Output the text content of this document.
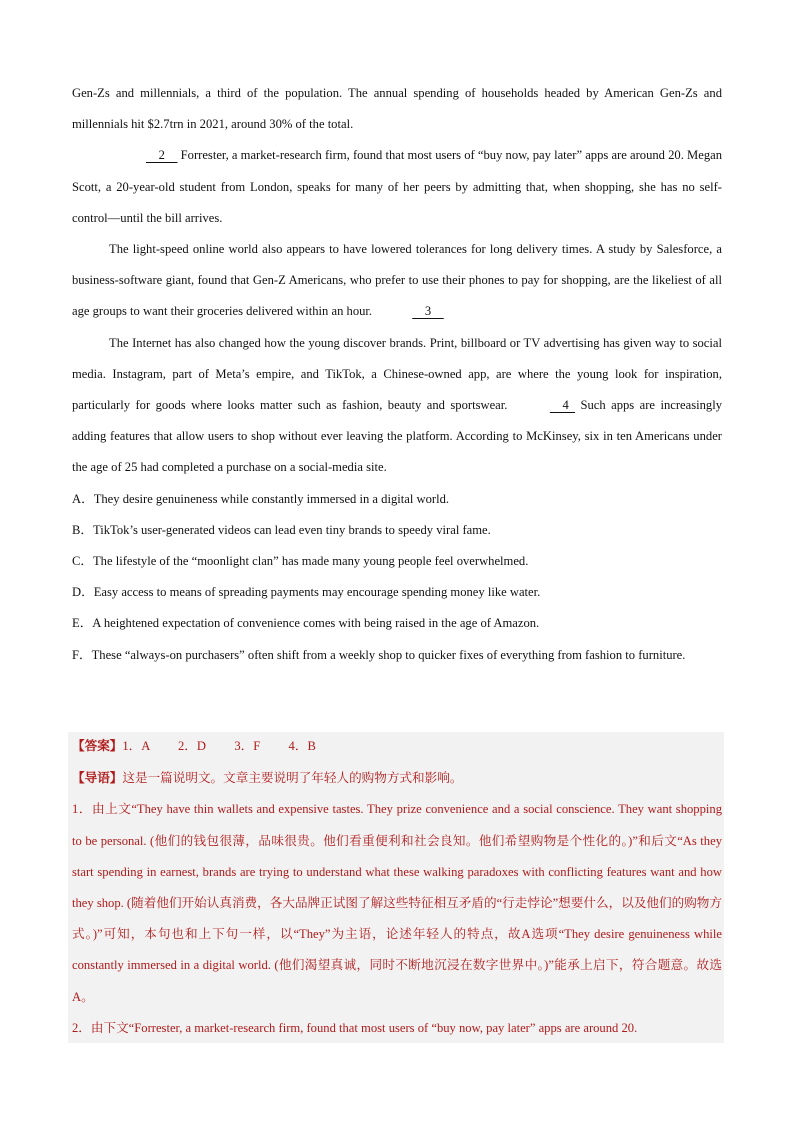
Gen-Zs and millennials, a third of the population. The annual spending of households headed by American Gen-Zs and millennials hit $2.7trn in 2021, around 30% of the total.

2     Forrester, a market-research firm, found that most users of “buy now, pay later” apps are around 20. Megan Scott, a 20-year-old student from London, speaks for many of her peers by admitting that, when shopping, she has no self-control—until the bill arrives.

The light-speed online world also appears to have lowered tolerances for long delivery times. A study by Salesforce, a business-software giant, found that Gen-Z Americans, who prefer to use their phones to pay for shopping, are the likeliest of all age groups to want their groceries delivered within an hour.	3

The Internet has also changed how the young discover brands. Print, billboard or TV advertising has given way to social media. Instagram, part of Meta’s empire, and TikTok, a Chinese-owned app, are where the young look for inspiration, particularly for goods where looks matter such as fashion, beauty and sportswear.	4   Such apps are increasingly adding features that allow users to shop without ever leaving the platform. According to McKinsey, six in ten Americans under the age of 25 had completed a purchase on a social-media site.

A．They desire genuineness while constantly immersed in a digital world.

B．TikTok’s user-generated videos can lead even tiny brands to speedy viral fame.

C．The lifestyle of the “moonlight clan” has made many young people feel overwhelmed.

D．Easy access to means of spreading payments may encourage spending money like water.

E．A heightened expectation of convenience comes with being raised in the age of Amazon.

F．These “always-on purchasers” often shift from a weekly shop to quicker fixes of everything from fashion to furniture.

【答案】1．A　　 2．D　　 3．F　　 4．B

【导语】这是一篇说明文。文章主要说明了年轻人的购物方式和影响。

1．由上文“They have thin wallets and expensive tastes. They prize convenience and a social conscience. They want shopping to be personal. (他们的钱包很薄，品味很贵。他们看重便利和社会良知。他们希望购物是个性化的。)”和后文“As they start spending in earnest, brands are trying to understand what these walking paradoxes with conflicting features want and how they shop. (随着他们开始认真消费，各大品牌正试图了解这些特征相互矛盾的“行走悖论”想要什么，以及他们的购物方式。)”可知，本句也和上下句一样，以“They”为主语，论述年轻人的特点，故A选项“They desire genuineness while constantly immersed in a digital world. (他们渴望真诚，同时不断地沉浸在数字世界中。)”能承上启下，符合题意。故选A。

2．由下文“Forrester, a market-research firm, found that most users of “buy now, pay later” apps are around 20.
